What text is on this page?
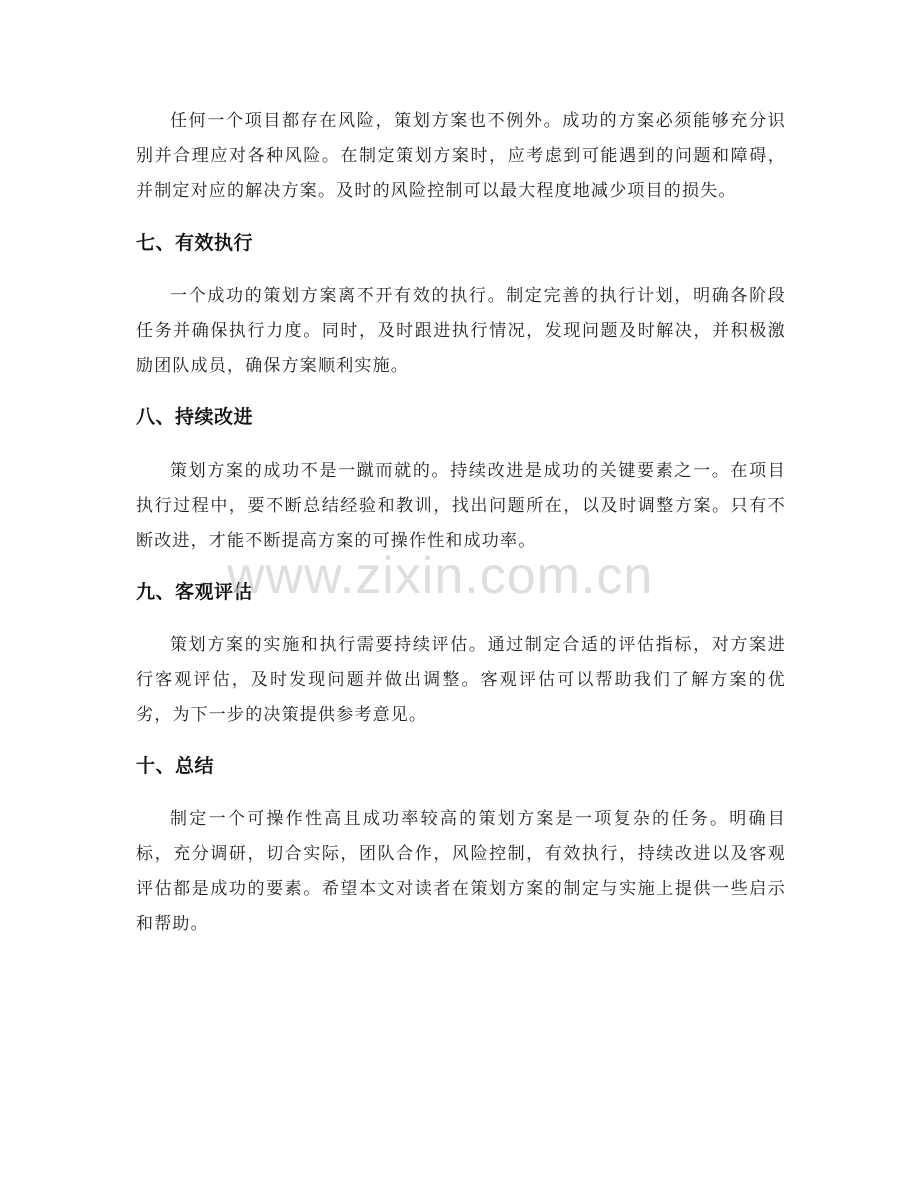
任何一个项目都存在风险，策划方案也不例外。成功的方案必须能够充分识别并合理应对各种风险。在制定策划方案时，应考虑到可能遇到的问题和障碍，并制定对应的解决方案。及时的风险控制可以最大程度地减少项目的损失。

七、有效执行

一个成功的策划方案离不开有效的执行。制定完善的执行计划，明确各阶段任务并确保执行力度。同时，及时跟进执行情况，发现问题及时解决，并积极激励团队成员，确保方案顺利实施。

八、持续改进

策划方案的成功不是一蹴而就的。持续改进是成功的关键要素之一。在项目执行过程中，要不断总结经验和教训，找出问题所在，以及时调整方案。只有不断改进，才能不断提高方案的可操作性和成功率。

九、客观评估

策划方案的实施和执行需要持续评估。通过制定合适的评估指标，对方案进行客观评估，及时发现问题并做出调整。客观评估可以帮助我们了解方案的优劣，为下一步的决策提供参考意见。

十、总结

制定一个可操作性高且成功率较高的策划方案是一项复杂的任务。明确目标，充分调研，切合实际，团队合作，风险控制，有效执行，持续改进以及客观评估都是成功的要素。希望本文对读者在策划方案的制定与实施上提供一些启示和帮助。

www.zixin.com.cn
